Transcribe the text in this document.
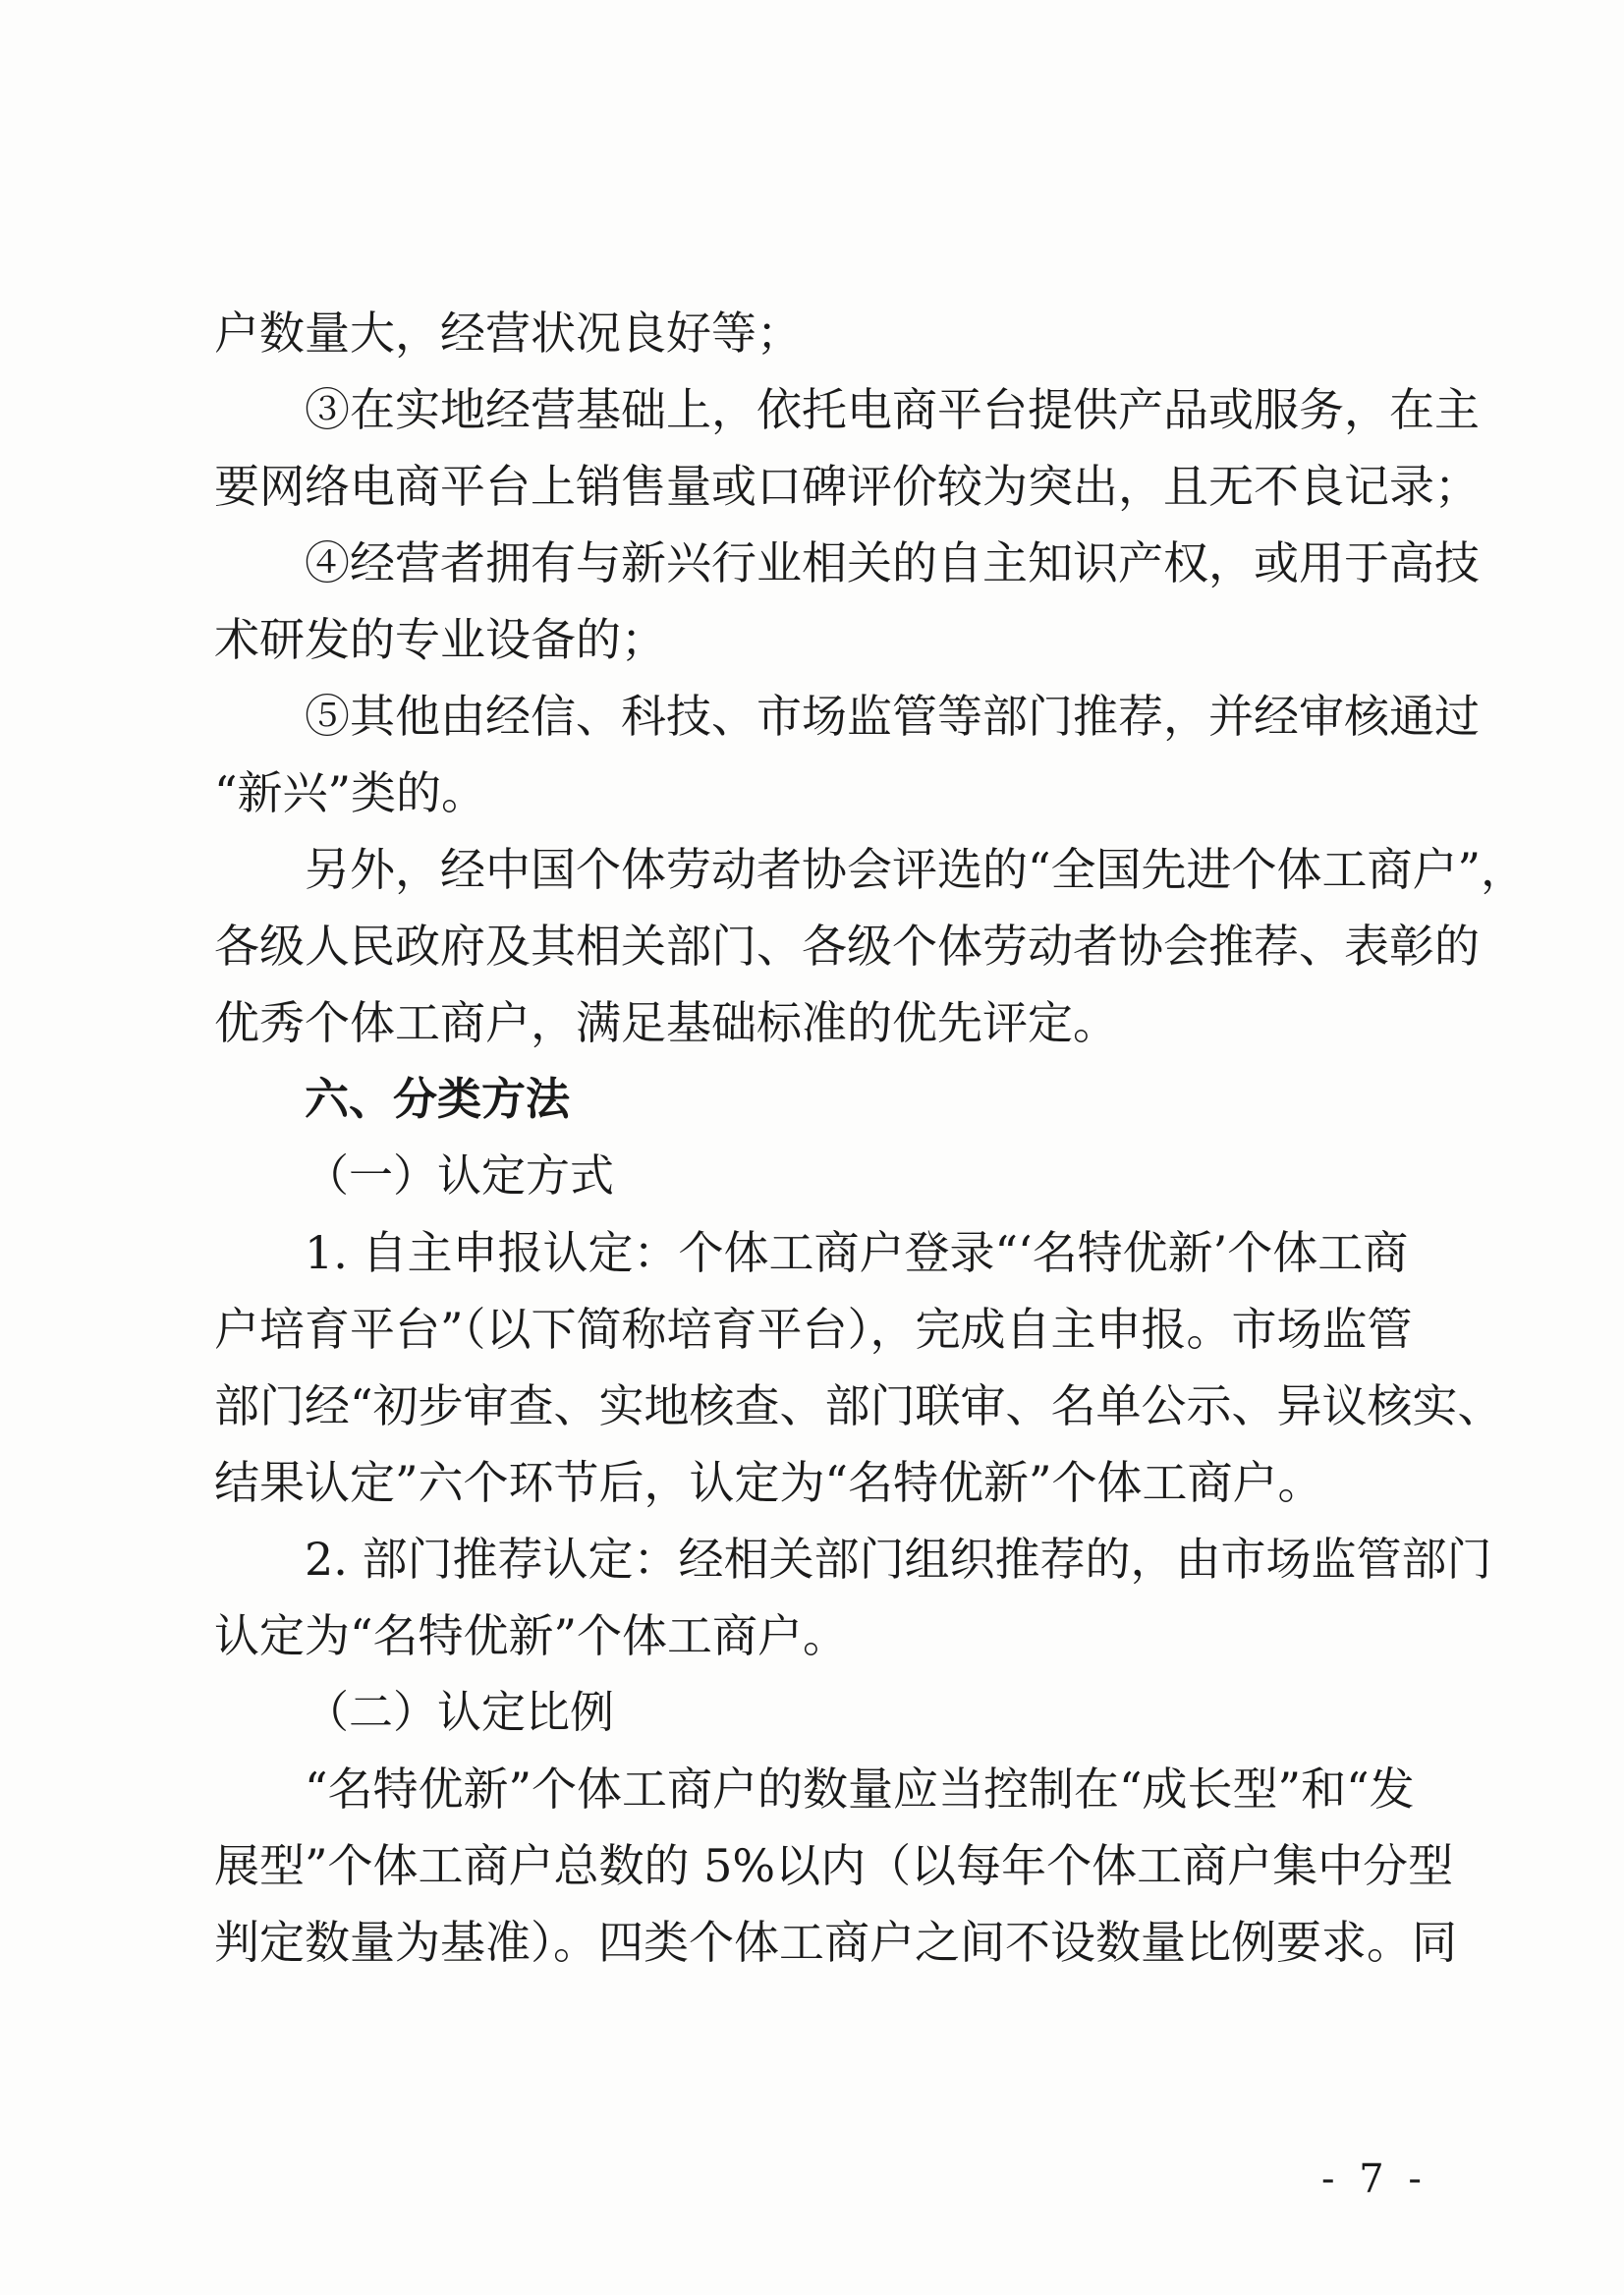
户数量大，经营状况良好等；
③在实地经营基础上，依托电商平台提供产品或服务，在主
要网络电商平台上销售量或口碑评价较为突出，且无不良记录；
④经营者拥有与新兴行业相关的自主知识产权，或用于高技
术研发的专业设备的；
⑤其他由经信、科技、市场监管等部门推荐，并经审核通过
“新兴”类的。
另外，经中国个体劳动者协会评选的“全国先进个体工商户”，
各级人民政府及其相关部门、各级个体劳动者协会推荐、表彰的
优秀个体工商户，满足基础标准的优先评定。
六、分类方法
（一）认定方式
1. 自主申报认定：个体工商户登录“‘名特优新’个体工商
户培育平台”（以下简称培育平台），完成自主申报。市场监管
部门经“初步审查、实地核查、部门联审、名单公示、异议核实、
结果认定”六个环节后，认定为“名特优新”个体工商户。
2. 部门推荐认定：经相关部门组织推荐的，由市场监管部门
认定为“名特优新”个体工商户。
（二）认定比例
“名特优新”个体工商户的数量应当控制在“成长型”和“发
展型”个体工商户总数的 5%以内（以每年个体工商户集中分型
判定数量为基准）。四类个体工商户之间不设数量比例要求。同
- 7 -
